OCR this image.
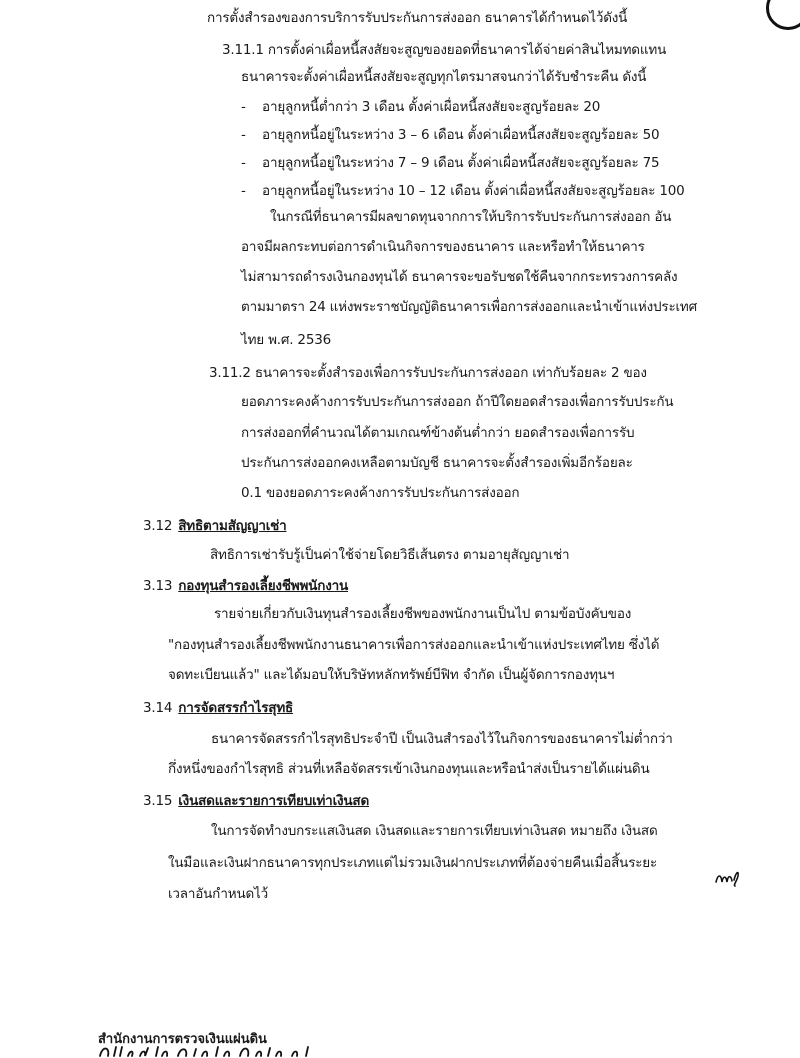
การตั้งสำรองของการบริการรับประกันการส่งออก ธนาคารได้กำหนดไว้ดังนี้
3.11.1 การตั้งค่าเผื่อหนี้สงสัยจะสูญของยอดที่ธนาคารได้จ่ายค่าสินไหมทดแทน
ธนาคารจะตั้งค่าเผื่อหนี้สงสัยจะสูญทุกไตรมาสจนกว่าได้รับชำระคืน ดังนี้
-    อายุลูกหนี้ต่ำกว่า 3 เดือน ตั้งค่าเผื่อหนี้สงสัยจะสูญร้อยละ 20
-    อายุลูกหนี้อยู่ในระหว่าง 3 – 6 เดือน ตั้งค่าเผื่อหนี้สงสัยจะสูญร้อยละ 50
-    อายุลูกหนี้อยู่ในระหว่าง 7 – 9 เดือน ตั้งค่าเผื่อหนี้สงสัยจะสูญร้อยละ 75
-    อายุลูกหนี้อยู่ในระหว่าง 10 – 12 เดือน ตั้งค่าเผื่อหนี้สงสัยจะสูญร้อยละ 100
ในกรณีที่ธนาคารมีผลขาดทุนจากการให้บริการรับประกันการส่งออก อัน
อาจมีผลกระทบต่อการดำเนินกิจการของธนาคาร และหรือทำให้ธนาคาร
ไม่สามารถดำรงเงินกองทุนได้ ธนาคารจะขอรับชดใช้คืนจากกระทรวงการคลัง
ตามมาตรา 24 แห่งพระราชบัญญัติธนาคารเพื่อการส่งออกและนำเข้าแห่งประเทศ
ไทย พ.ศ. 2536
3.11.2 ธนาคารจะตั้งสำรองเพื่อการรับประกันการส่งออก เท่ากับร้อยละ 2 ของ
ยอดภาระคงค้างการรับประกันการส่งออก ถ้าปีใดยอดสำรองเพื่อการรับประกัน
การส่งออกที่คำนวณได้ตามเกณฑ์ข้างต้นต่ำกว่า ยอดสำรองเพื่อการรับ
ประกันการส่งออกคงเหลือตามบัญชี ธนาคารจะตั้งสำรองเพิ่มอีกร้อยละ
0.1 ของยอดภาระคงค้างการรับประกันการส่งออก
3.12 สิทธิตามสัญญาเช่า
สิทธิการเช่ารับรู้เป็นค่าใช้จ่ายโดยวิธีเส้นตรง ตามอายุสัญญาเช่า
3.13 กองทุนสำรองเลี้ยงชีพพนักงาน
รายจ่ายเกี่ยวกับเงินทุนสำรองเลี้ยงชีพของพนักงานเป็นไป ตามข้อบังคับของ
"กองทุนสำรองเลี้ยงชีพพนักงานธนาคารเพื่อการส่งออกและนำเข้าแห่งประเทศไทย ซึ่งได้
จดทะเบียนแล้ว" และได้มอบให้บริษัทหลักทรัพย์บีฟิท จำกัด เป็นผู้จัดการกองทุนฯ
3.14 การจัดสรรกำไรสุทธิ
ธนาคารจัดสรรกำไรสุทธิประจำปี เป็นเงินสำรองไว้ในกิจการของธนาคารไม่ต่ำกว่า
กึ่งหนึ่งของกำไรสุทธิ ส่วนที่เหลือจัดสรรเข้าเงินกองทุนและหรือนำส่งเป็นรายได้แผ่นดิน
3.15 เงินสดและรายการเทียบเท่าเงินสด
ในการจัดทำงบกระแสเงินสด เงินสดและรายการเทียบเท่าเงินสด หมายถึง เงินสด
ในมือและเงินฝากธนาคารทุกประเภทแต่ไม่รวมเงินฝากประเภทที่ต้องจ่ายคืนเมื่อสิ้นระยะ
เวลาอันกำหนดไว้
สำนักงานการตรวจเงินแผ่นดิน
